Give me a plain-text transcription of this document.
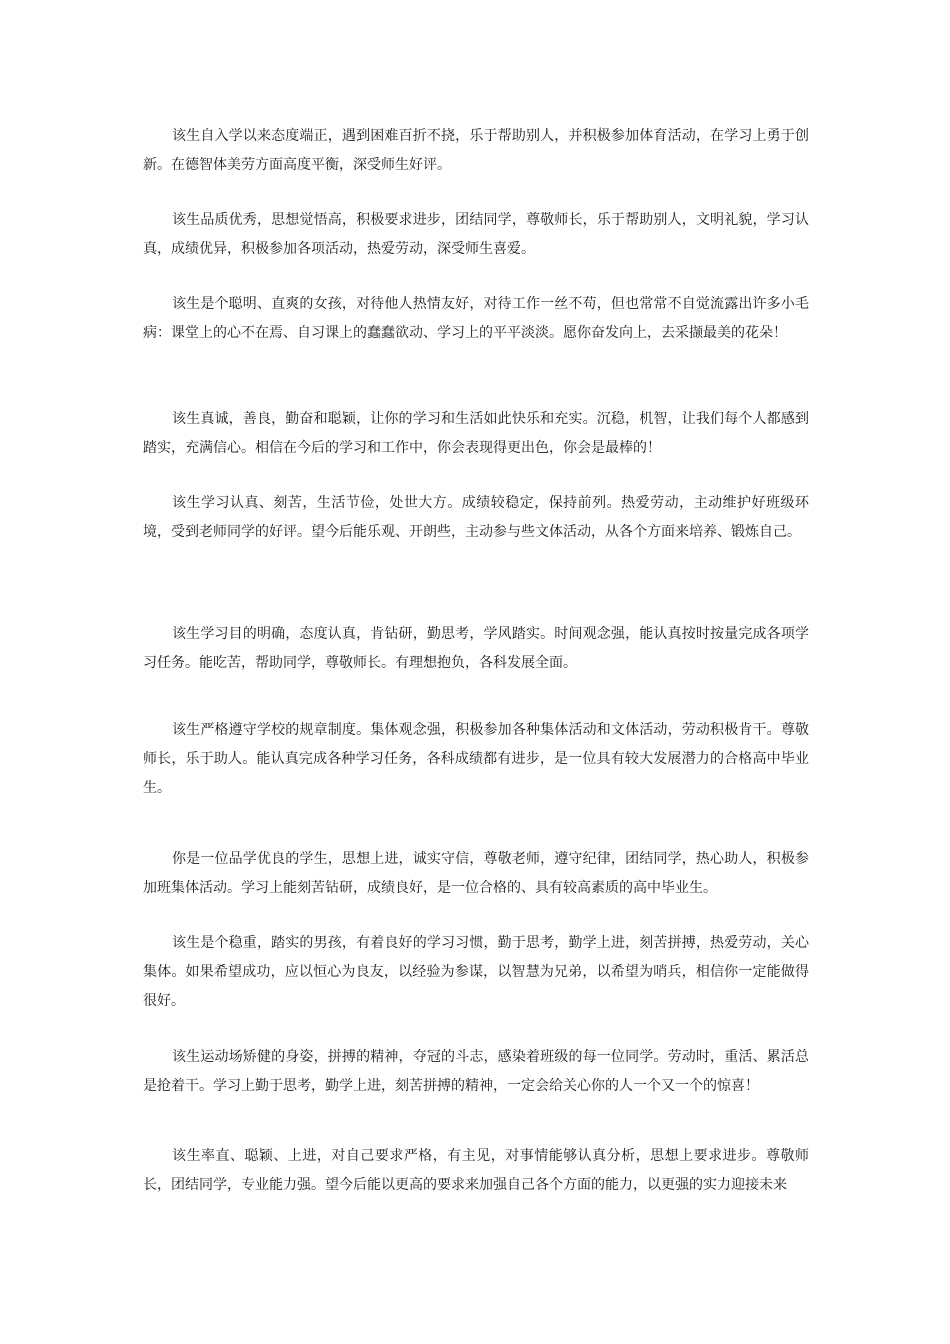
该生自入学以来态度端正，遇到困难百折不挠，乐于帮助别人，并积极参加体育活动，在学习上勇于创新。在德智体美劳方面高度平衡，深受师生好评。

该生品质优秀，思想觉悟高，积极要求进步，团结同学，尊敬师长，乐于帮助别人，文明礼貌，学习认真，成绩优异，积极参加各项活动，热爱劳动，深受师生喜爱。

该生是个聪明、直爽的女孩，对待他人热情友好，对待工作一丝不苟，但也常常不自觉流露出许多小毛病：课堂上的心不在焉、自习课上的蠢蠢欲动、学习上的平平淡淡。愿你奋发向上，去采撷最美的花朵！

该生真诚，善良，勤奋和聪颖，让你的学习和生活如此快乐和充实。沉稳，机智，让我们每个人都感到踏实，充满信心。相信在今后的学习和工作中，你会表现得更出色，你会是最棒的！

该生学习认真、刻苦，生活节俭，处世大方。成绩较稳定，保持前列。热爱劳动，主动维护好班级环境，受到老师同学的好评。望今后能乐观、开朗些，主动参与些文体活动，从各个方面来培养、锻炼自己。

该生学习目的明确，态度认真，肯钻研，勤思考，学风踏实。时间观念强，能认真按时按量完成各项学习任务。能吃苦，帮助同学，尊敬师长。有理想抱负，各科发展全面。

该生严格遵守学校的规章制度。集体观念强，积极参加各种集体活动和文体活动，劳动积极肯干。尊敬师长，乐于助人。能认真完成各种学习任务，各科成绩都有进步，是一位具有较大发展潜力的合格高中毕业生。

你是一位品学优良的学生，思想上进，诚实守信，尊敬老师，遵守纪律，团结同学，热心助人，积极参加班集体活动。学习上能刻苦钻研，成绩良好，是一位合格的、具有较高素质的高中毕业生。

该生是个稳重，踏实的男孩，有着良好的学习习惯，勤于思考，勤学上进，刻苦拼搏，热爱劳动，关心集体。如果希望成功，应以恒心为良友，以经验为参谋，以智慧为兄弟，以希望为哨兵，相信你一定能做得很好。

该生运动场矫健的身姿，拼搏的精神，夺冠的斗志，感染着班级的每一位同学。劳动时，重活、累活总是抢着干。学习上勤于思考，勤学上进，刻苦拼搏的精神，一定会给关心你的人一个又一个的惊喜！

该生率直、聪颖、上进，对自己要求严格，有主见，对事情能够认真分析，思想上要求进步。尊敬师长，团结同学，专业能力强。望今后能以更高的要求来加强自己各个方面的能力，以更强的实力迎接未来
